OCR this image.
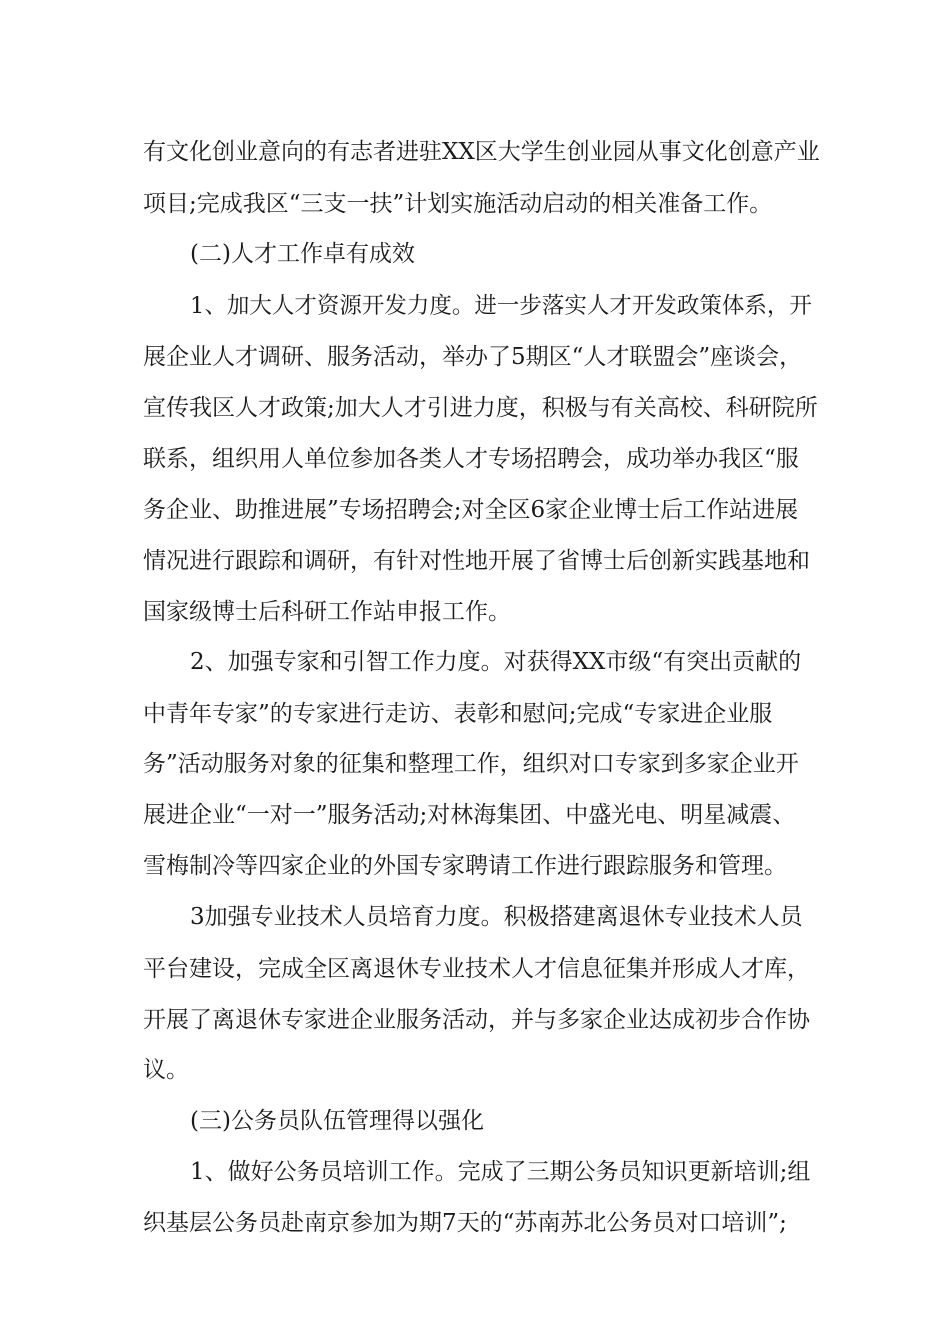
有文化创业意向的有志者进驻XX区大学生创业园从事文化创意产业
项目;完成我区“三支一扶”计划实施活动启动的相关准备工作。
(二)人才工作卓有成效
1、加大人才资源开发力度。进一步落实人才开发政策体系，开
展企业人才调研、服务活动，举办了5期区“人才联盟会”座谈会，
宣传我区人才政策;加大人才引进力度，积极与有关高校、科研院所
联系，组织用人单位参加各类人才专场招聘会，成功举办我区“服
务企业、助推进展”专场招聘会;对全区6家企业博士后工作站进展
情况进行跟踪和调研，有针对性地开展了省博士后创新实践基地和
国家级博士后科研工作站申报工作。
2、加强专家和引智工作力度。对获得XX市级“有突出贡献的
中青年专家”的专家进行走访、表彰和慰问;完成“专家进企业服
务”活动服务对象的征集和整理工作，组织对口专家到多家企业开
展进企业“一对一”服务活动;对林海集团、中盛光电、明星减震、
雪梅制冷等四家企业的外国专家聘请工作进行跟踪服务和管理。
3加强专业技术人员培育力度。积极搭建离退休专业技术人员
平台建设，完成全区离退休专业技术人才信息征集并形成人才库，
开展了离退休专家进企业服务活动，并与多家企业达成初步合作协
议。
(三)公务员队伍管理得以强化
1、做好公务员培训工作。完成了三期公务员知识更新培训;组
织基层公务员赴南京参加为期7天的“苏南苏北公务员对口培训”;
